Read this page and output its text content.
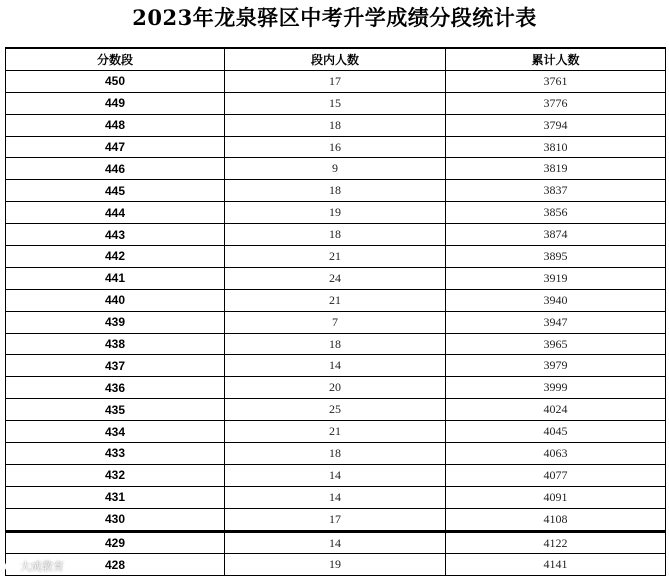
2023年龙泉驿区中考升学成绩分段统计表
分数段	段内人数	累计人数
450	17	3761
449	15	3776
448	18	3794
447	16	3810
446	9	3819
445	18	3837
444	19	3856
443	18	3874
442	21	3895
441	24	3919
440	21	3940
439	7	3947
438	18	3965
437	14	3979
436	20	3999
435	25	4024
434	21	4045
433	18	4063
432	14	4077
431	14	4091
430	17	4108
429	14	4122
428	19	4141
大成教育
